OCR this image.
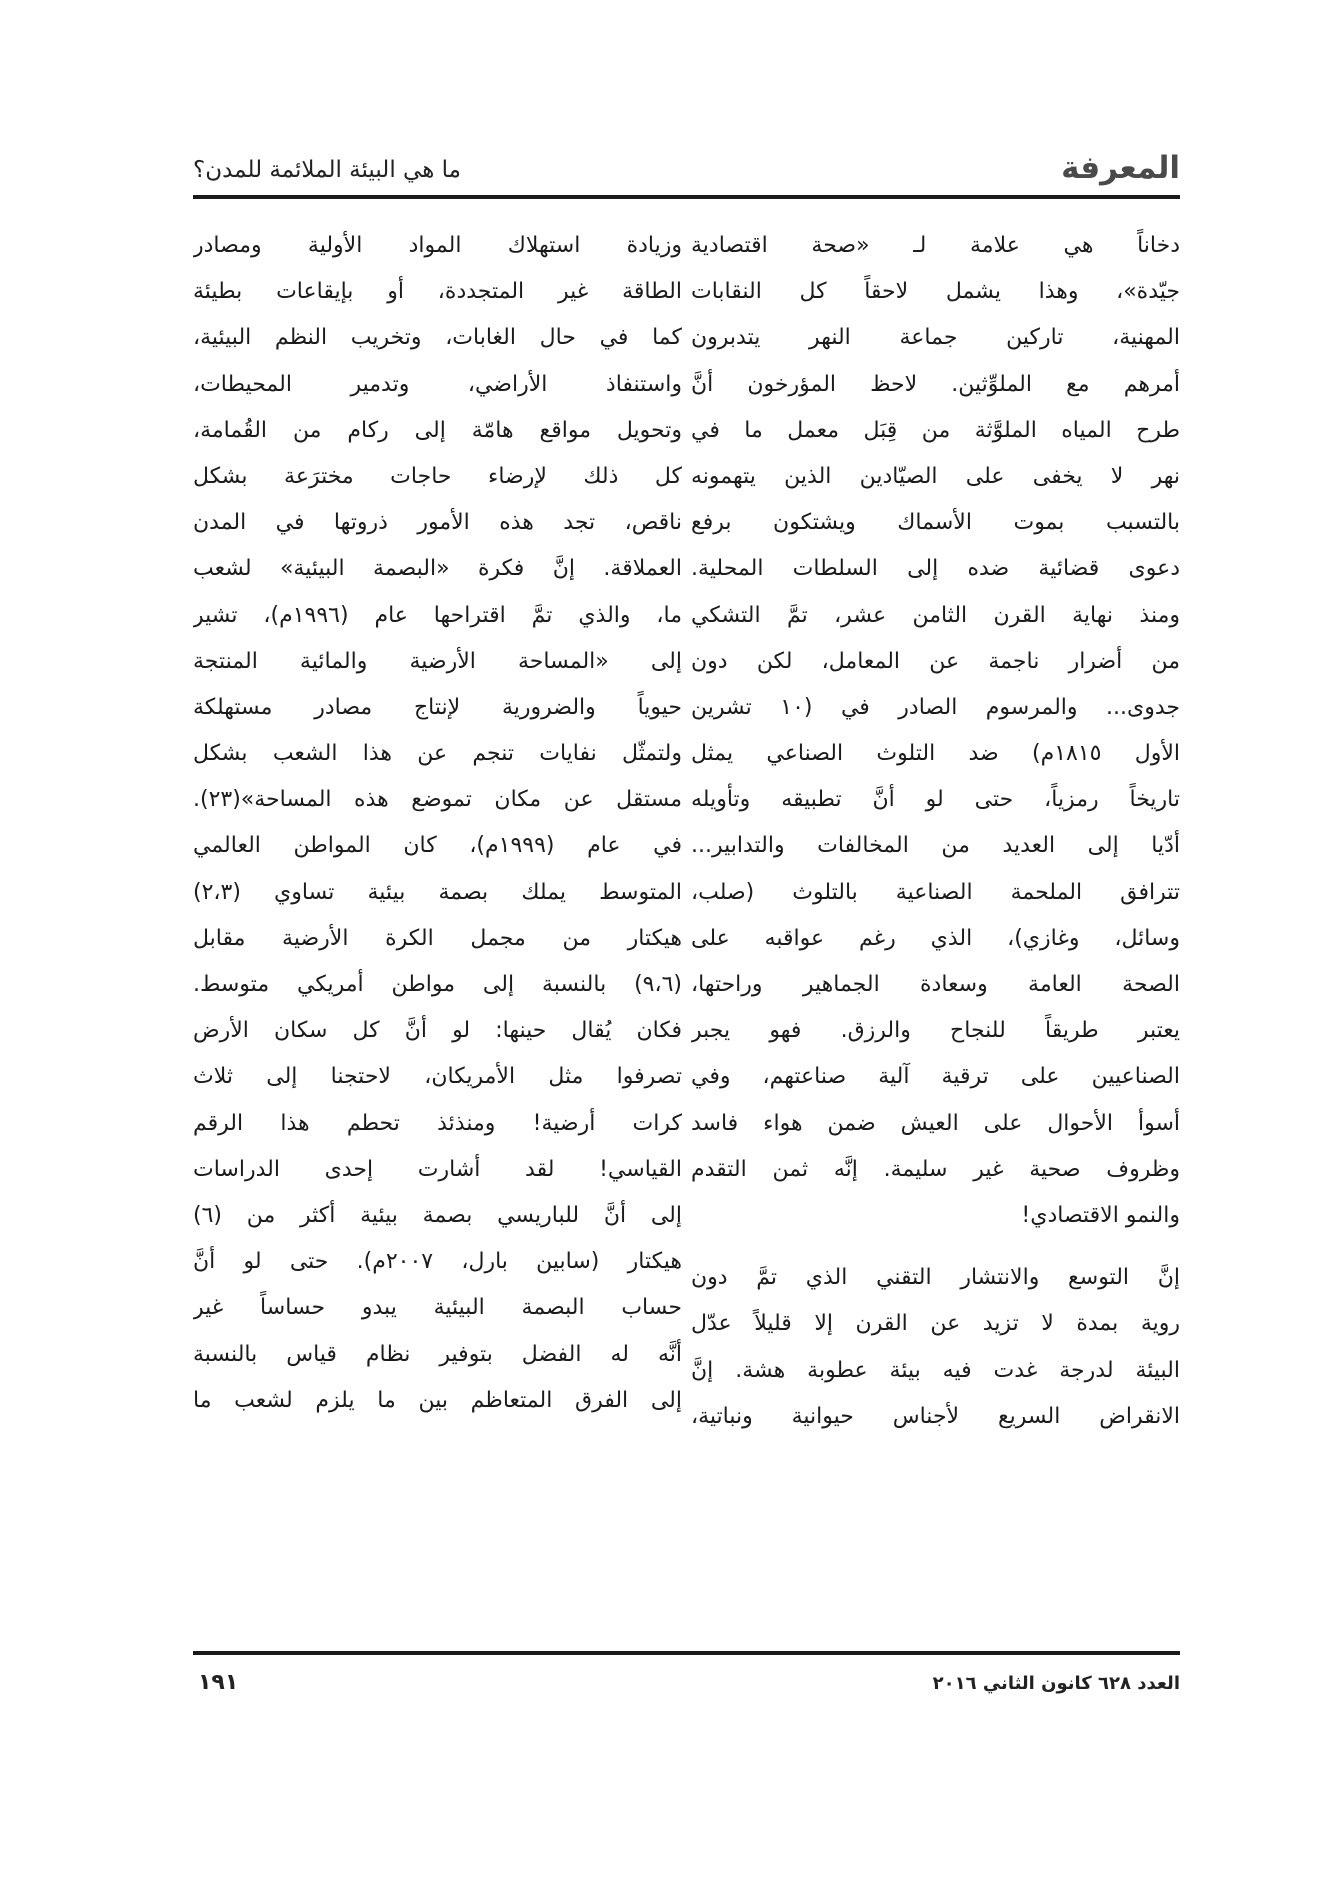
المعرفة
ما هي البيئة الملائمة للمدن؟
دخاناً هي علامة لـ «صحة اقتصادية
جيّدة»، وهذا يشمل لاحقاً كل النقابات
المهنية، تاركين جماعة النهر يتدبرون
أمرهم مع الملوِّثين. لاحظ المؤرخون أنَّ
طرح المياه الملوَّثة من قِبَل معمل ما في
نهر لا يخفى على الصيّادين الذين يتهمونه
بالتسبب بموت الأسماك ويشتكون برفع
دعوى قضائية ضده إلى السلطات المحلية.
ومنذ نهاية القرن الثامن عشر، تمَّ التشكي
من أضرار ناجمة عن المعامل، لكن دون
جدوى... والمرسوم الصادر في (١٠ تشرين
الأول ١٨١٥م) ضد التلوث الصناعي يمثل
تاريخاً رمزياً، حتى لو أنَّ تطبيقه وتأويله
أدّيا إلى العديد من المخالفات والتدابير...
تترافق الملحمة الصناعية بالتلوث (صلب،
وسائل، وغازي)، الذي رغم عواقبه على
الصحة العامة وسعادة الجماهير وراحتها،
يعتبر طريقاً للنجاح والرزق. فهو يجبر
الصناعيين على ترقية آلية صناعتهم، وفي
أسوأ الأحوال على العيش ضمن هواء فاسد
وظروف صحية غير سليمة. إنَّه ثمن التقدم
والنمو الاقتصادي!
إنَّ التوسع والانتشار التقني الذي تمَّ دون
روية بمدة لا تزيد عن القرن إلا قليلاً عدّل
البيئة لدرجة غدت فيه بيئة عطوبة هشة. إنَّ
الانقراض السريع لأجناس حيوانية ونباتية،
وزيادة استهلاك المواد الأولية ومصادر
الطاقة غير المتجددة، أو بإيقاعات بطيئة
كما في حال الغابات، وتخريب النظم البيئية،
واستنفاذ الأراضي، وتدمير المحيطات،
وتحويل مواقع هامّة إلى ركام من القُمامة،
كل ذلك لإرضاء حاجات مخترَعة بشكل
ناقص، تجد هذه الأمور ذروتها في المدن
العملاقة. إنَّ فكرة «البصمة البيئية» لشعب
ما، والذي تمَّ اقتراحها عام (١٩٩٦م)، تشير
إلى «المساحة الأرضية والمائية المنتجة
حيوياً والضرورية لإنتاج مصادر مستهلكة
ولتمثّل نفايات تنجم عن هذا الشعب بشكل
مستقل عن مكان تموضع هذه المساحة»(٢٣).
في عام (١٩٩٩م)، كان المواطن العالمي
المتوسط يملك بصمة بيئية تساوي (٢،٣)
هيكتار من مجمل الكرة الأرضية مقابل
(٩،٦) بالنسبة إلى مواطن أمريكي متوسط.
فكان يُقال حينها: لو أنَّ كل سكان الأرض
تصرفوا مثل الأمريكان، لاحتجنا إلى ثلاث
كرات أرضية! ومنذئذ تحطم هذا الرقم
القياسي! لقد أشارت إحدى الدراسات
إلى أنَّ للباريسي بصمة بيئية أكثر من (٦)
هيكتار (سابين بارل، ٢٠٠٧م). حتى لو أنَّ
حساب البصمة البيئية يبدو حساساً غير
أنَّه له الفضل بتوفير نظام قياس بالنسبة
إلى الفرق المتعاظم بين ما يلزم لشعب ما
العدد ٦٢٨ كانون الثاني ٢٠١٦
١٩١
